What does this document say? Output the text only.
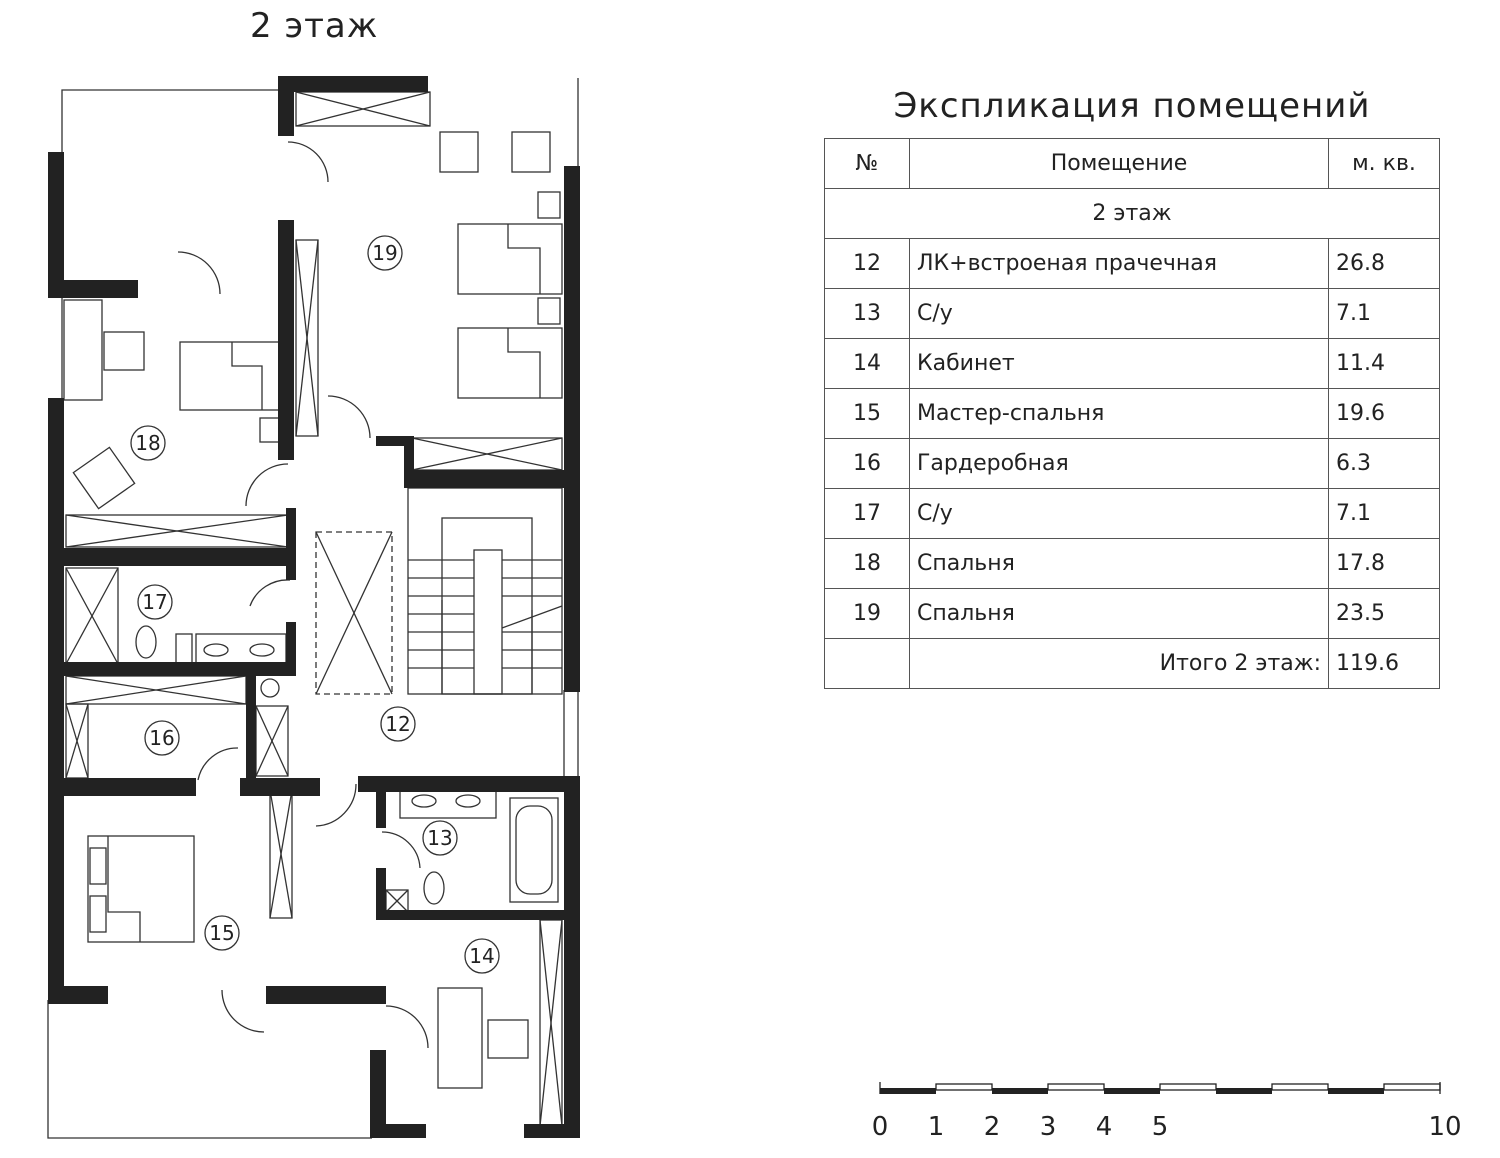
2 этаж
19
18
17
16
12
13
15
14
Экспликация помещений
№	Помещение	м. кв.
2 этаж		
12	ЛК+встроеная прачечная	26.8
13	С/у	7.1
14	Кабинет	11.4
15	Мастер-спальня	19.6
16	Гардеробная	6.3
17	С/у	7.1
18	Спальня	17.8
19	Спальня	23.5
	Итого 2 этаж:	119.6
0 1 2 3 4 5	10
